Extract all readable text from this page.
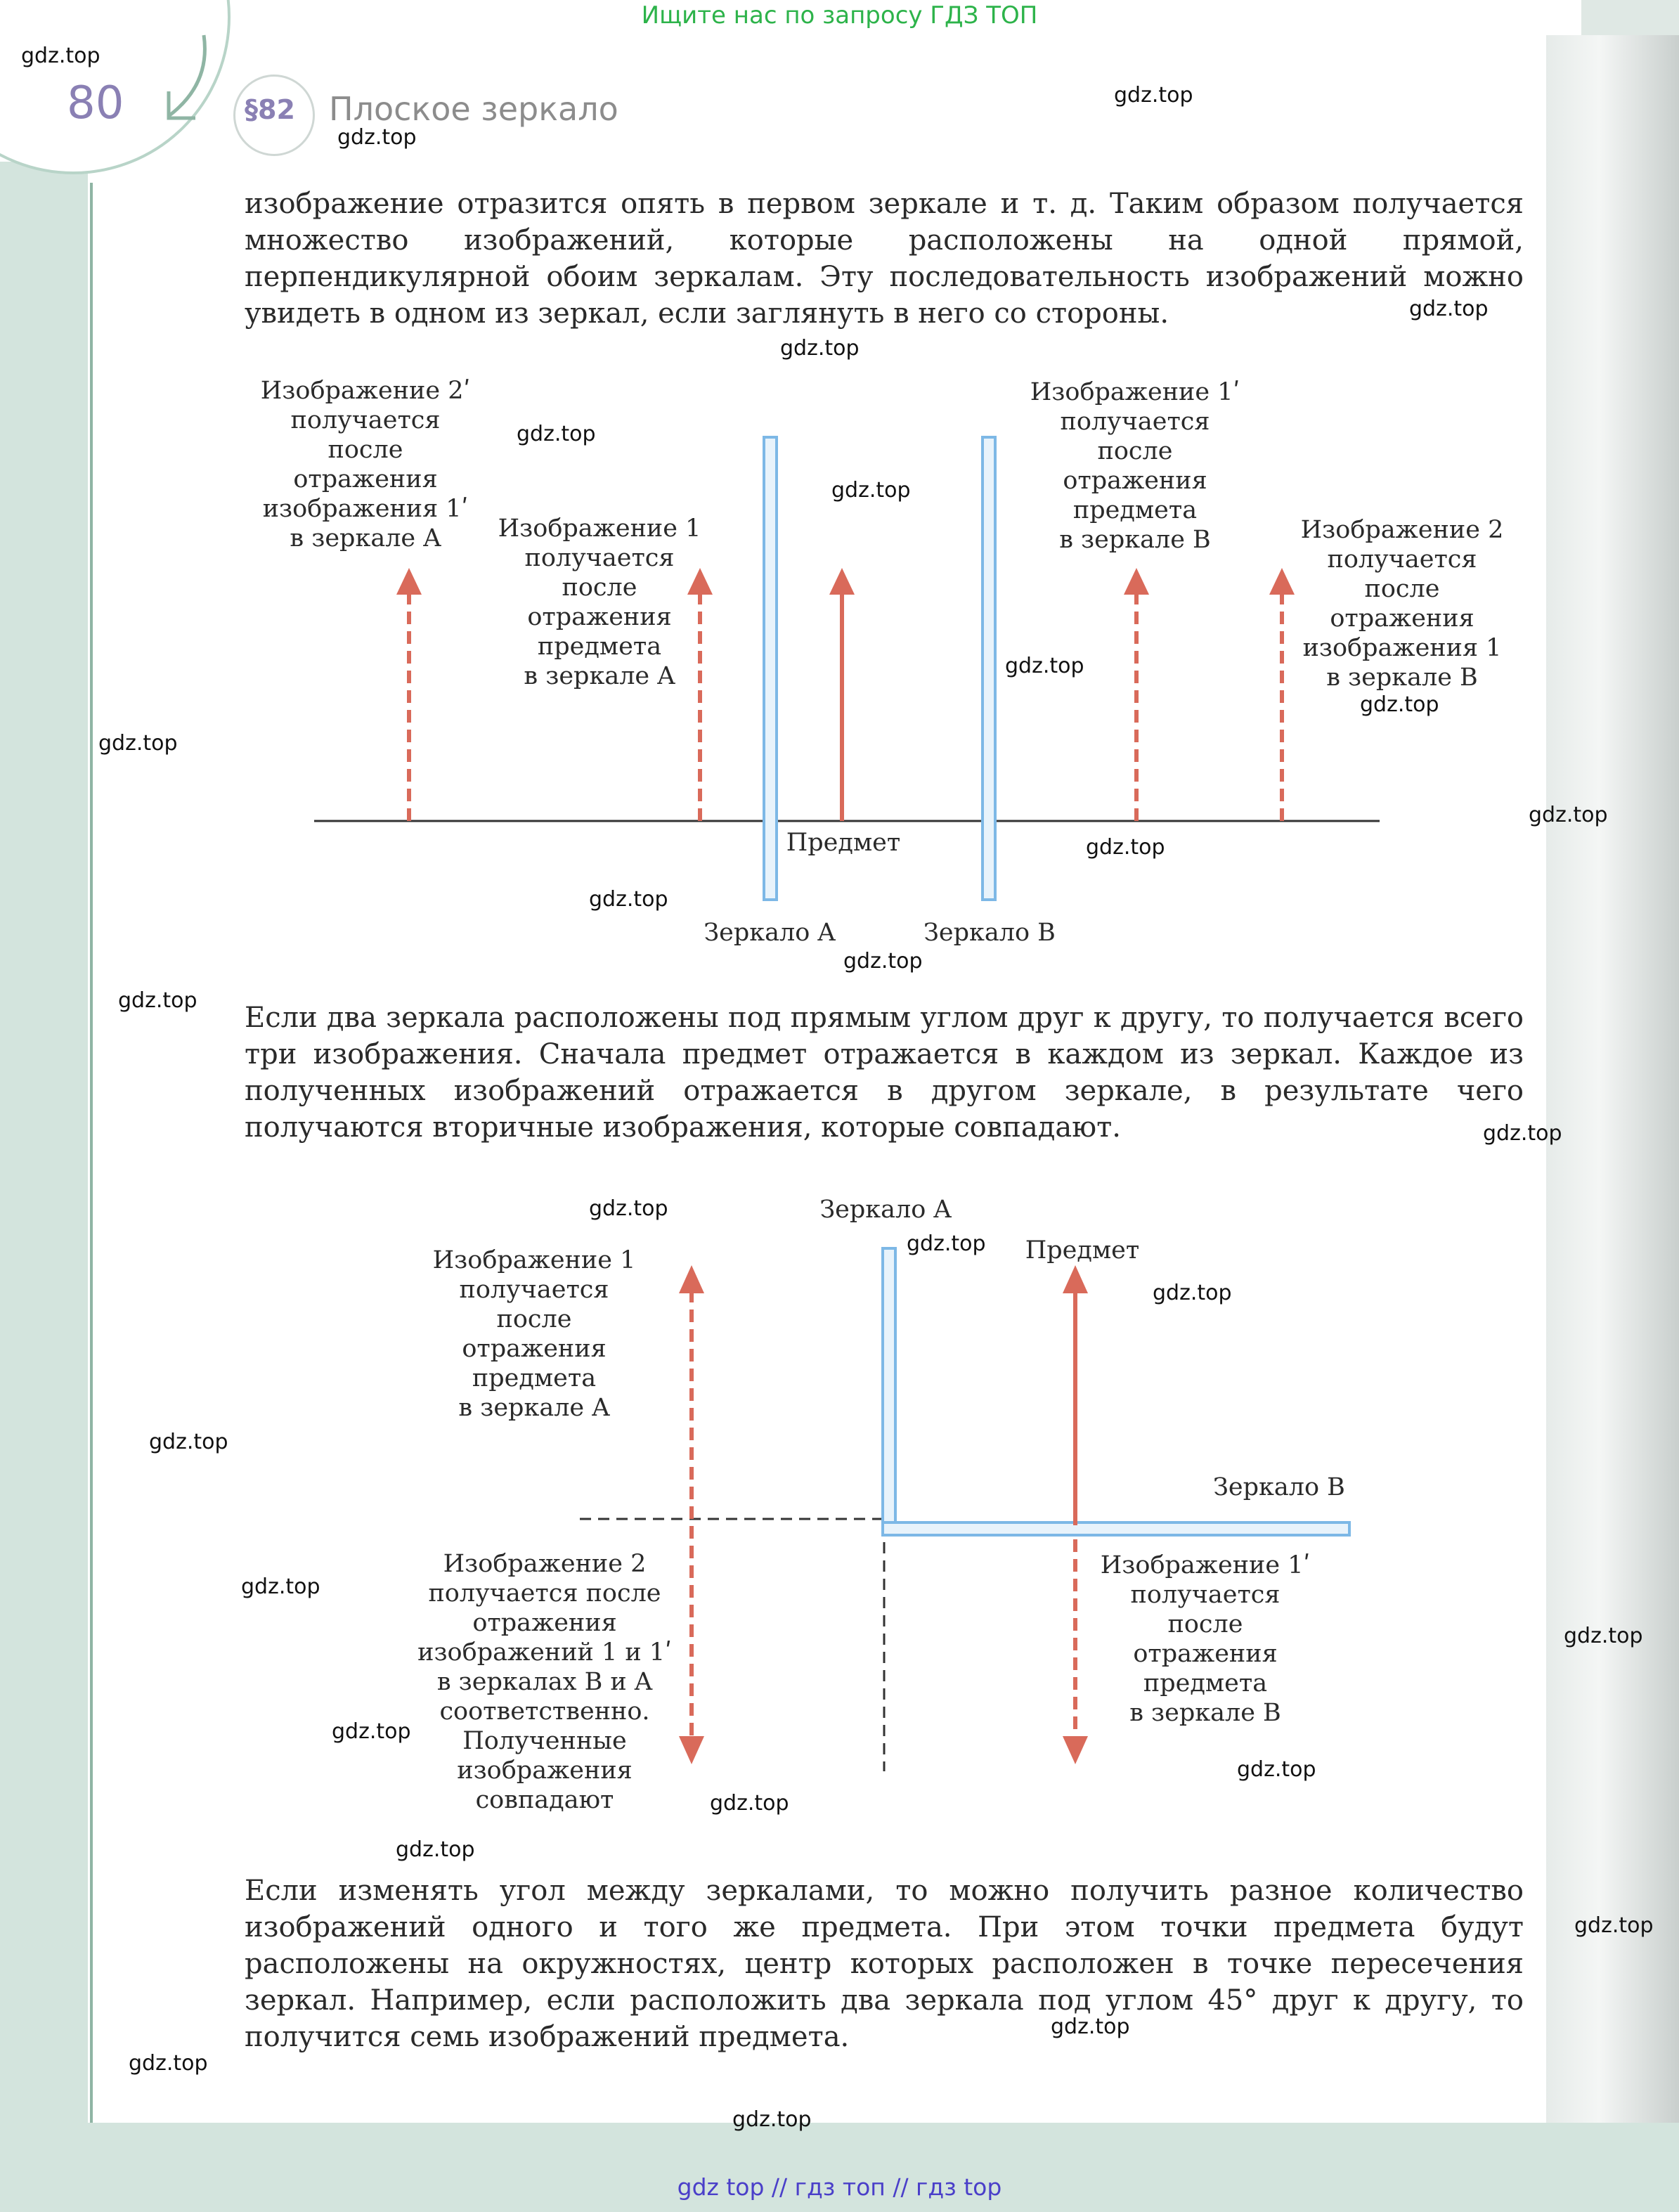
Ищите нас по запросу ГДЗ ТОП
80	§82 Плоское зеркало

изображение отразится опять в первом зеркале и т. д. Таким образом получается множество изображений, которые расположены на одной прямой, перпендикулярной обоим зеркалам. Эту последовательность изображений можно увидеть в одном из зеркал, если заглянуть в него со стороны.

Изображение 2ʹ
получается
после
отражения
изображения 1ʹ
в зеркале A	Изображение 1
получается
после
отражения
предмета
в зеркале A
Изображение 1ʹ
получается
после
отражения
предмета
в зеркале B	Изображение 2
получается
после
отражения
изображения 1
в зеркале B
Предмет
Зеркало A	Зеркало B

Если два зеркала расположены под прямым углом друг к другу, то получается всего три изображения. Сначала предмет отражается в каждом из зеркал. Каждое из полученных изображений отражается в другом зеркале, в результате чего получаются вторичные изображения, которые совпадают.

Зеркало A
Предмет
Изображение 1
получается
после
отражения
предмета
в зеркале A
Зеркало B
Изображение 2
получается после
отражения
изображений 1 и 1ʹ
в зеркалах B и A
соответственно.
Полученные
изображения
совпадают
Изображение 1ʹ
получается
после
отражения
предмета
в зеркале B

Если изменять угол между зеркалами, то можно получить разное количество изображений одного и того же предмета. При этом точки предмета будут расположены на окружностях, центр которых расположен в точке пересечения зеркал. Например, если расположить два зеркала под углом 45° друг к другу, то получится семь изображений предмета.

gdz.top
gdz.top
gdz.top
gdz.top
gdz.top
gdz.top
gdz.top
gdz.top
gdz.top
gdz.top
gdz.top
gdz.top
gdz.top
gdz.top
gdz.top
gdz.top
gdz.top
gdz.top
gdz.top
gdz.top
gdz.top
gdz.top
gdz.top
gdz.top
gdz.top
gdz.top
gdz.top
gdz.top
gdz.top
gdz.top
gdz top // гдз топ // гдз top
